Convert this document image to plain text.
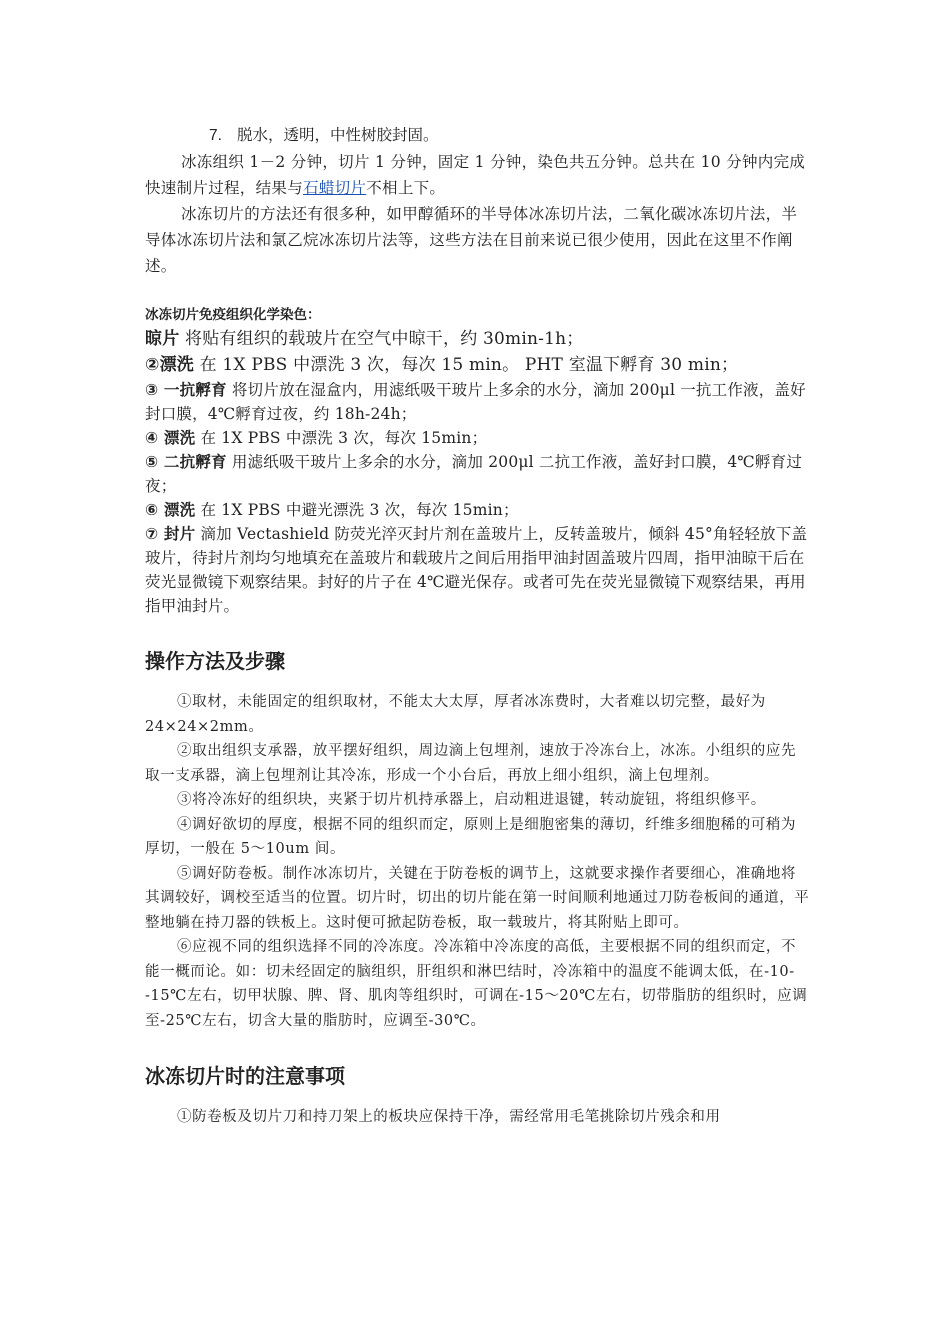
7. 脱水，透明，中性树胶封固。

冰冻组织 1－2 分钟，切片 1 分钟，固定 1 分钟，染色共五分钟。总共在 10 分钟内完成快速制片过程，结果与石蜡切片不相上下。

冰冻切片的方法还有很多种，如甲醇循环的半导体冰冻切片法，二氧化碳冰冻切片法，半导体冰冻切片法和氯乙烷冰冻切片法等，这些方法在目前来说已很少使用，因此在这里不作阐述。

冰冻切片免疫组织化学染色：

晾片 将贴有组织的载玻片在空气中晾干，约 30min-1h；

②漂洗 在 1X PBS 中漂洗 3 次，每次 15 min。 PHT 室温下孵育 30 min；

③ 一抗孵育 将切片放在湿盒内，用滤纸吸干玻片上多余的水分，滴加 200μl 一抗工作液，盖好封口膜，4℃孵育过夜，约 18h-24h；

④ 漂洗 在 1X PBS 中漂洗 3 次，每次 15min；

⑤ 二抗孵育 用滤纸吸干玻片上多余的水分，滴加 200μl 二抗工作液，盖好封口膜，4℃孵育过夜；

⑥ 漂洗 在 1X PBS 中避光漂洗 3 次，每次 15min；

⑦ 封片 滴加 Vectashield 防荧光淬灭封片剂在盖玻片上，反转盖玻片，倾斜 45°角轻轻放下盖玻片，待封片剂均匀地填充在盖玻片和载玻片之间后用指甲油封固盖玻片四周，指甲油晾干后在荧光显微镜下观察结果。封好的片子在 4℃避光保存。或者可先在荧光显微镜下观察结果，再用指甲油封片。

操作方法及步骤

①取材，未能固定的组织取材，不能太大太厚，厚者冰冻费时，大者难以切完整，最好为 24×24×2mm。

②取出组织支承器，放平摆好组织，周边滴上包埋剂，速放于冷冻台上，冰冻。小组织的应先取一支承器，滴上包埋剂让其冷冻，形成一个小台后，再放上细小组织，滴上包埋剂。

③将冷冻好的组织块，夹紧于切片机持承器上，启动粗进退键，转动旋钮，将组织修平。

④调好欲切的厚度，根据不同的组织而定，原则上是细胞密集的薄切，纤维多细胞稀的可稍为厚切，一般在 5～10um 间。

⑤调好防卷板。制作冰冻切片，关键在于防卷板的调节上，这就要求操作者要细心，准确地将其调较好，调校至适当的位置。切片时，切出的切片能在第一时间顺利地通过刀防卷板间的通道，平整地躺在持刀器的铁板上。这时便可掀起防卷板，取一载玻片，将其附贴上即可。

⑥应视不同的组织选择不同的冷冻度。冷冻箱中冷冻度的高低，主要根据不同的组织而定，不能一概而论。如：切未经固定的脑组织，肝组织和淋巴结时，冷冻箱中的温度不能调太低，在-10- -15℃左右，切甲状腺、脾、肾、肌肉等组织时，可调在-15～20℃左右，切带脂肪的组织时，应调至-25℃左右，切含大量的脂肪时，应调至-30℃。

冰冻切片时的注意事项

①防卷板及切片刀和持刀架上的板块应保持干净，需经常用毛笔挑除切片残余和用
